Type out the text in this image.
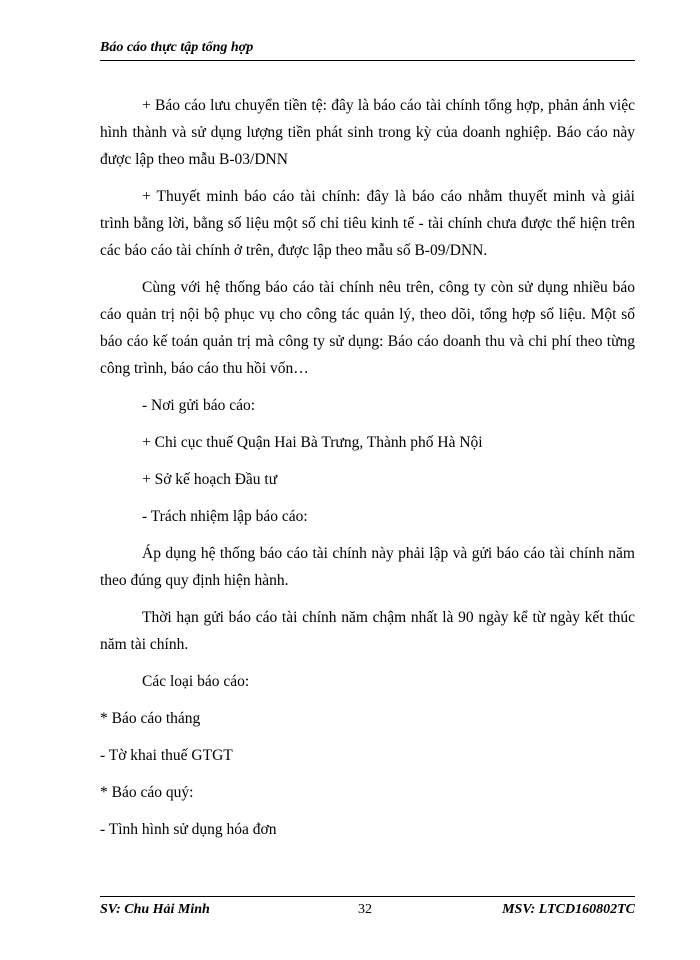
Báo cáo thực tập tổng hợp

+ Báo cáo lưu chuyển tiền tệ: đây là báo cáo tài chính tổng hợp, phản ánh việc hình thành và sử dụng lượng tiền phát sinh trong kỳ của doanh nghiệp. Báo cáo này được lập theo mẫu B-03/DNN

+ Thuyết minh báo cáo tài chính: đây là báo cáo nhằm thuyết minh và giải trình bằng lời, bằng số liệu một số chỉ tiêu kinh tế - tài chính chưa được thể hiện trên các báo cáo tài chính ở trên, được lập theo mẫu số B-09/DNN.

Cùng với hệ thống báo cáo tài chính nêu trên, công ty còn sử dụng nhiều báo cáo quản trị nội bộ phục vụ cho công tác quản lý, theo dõi, tổng hợp số liệu. Một số báo cáo kế toán quản trị mà công ty sử dụng: Báo cáo doanh thu và chi phí theo từng công trình, báo cáo thu hồi vốn…

- Nơi gửi báo cáo:

+ Chi cục thuế Quận Hai Bà Trưng, Thành phố Hà Nội

+ Sở kế hoạch Đầu tư

- Trách nhiệm lập báo cáo:

Áp dụng hệ thống báo cáo tài chính này phải lập và gửi báo cáo tài chính năm theo đúng quy định hiện hành.

Thời hạn gửi báo cáo tài chính năm chậm nhất là 90 ngày kể từ ngày kết thúc năm tài chính.

Các loại báo cáo:

* Báo cáo tháng

- Tờ khai thuế GTGT

* Báo cáo quý:

- Tình hình sử dụng hóa đơn

SV: Chu Hải Minh	32	MSV: LTCD160802TC
